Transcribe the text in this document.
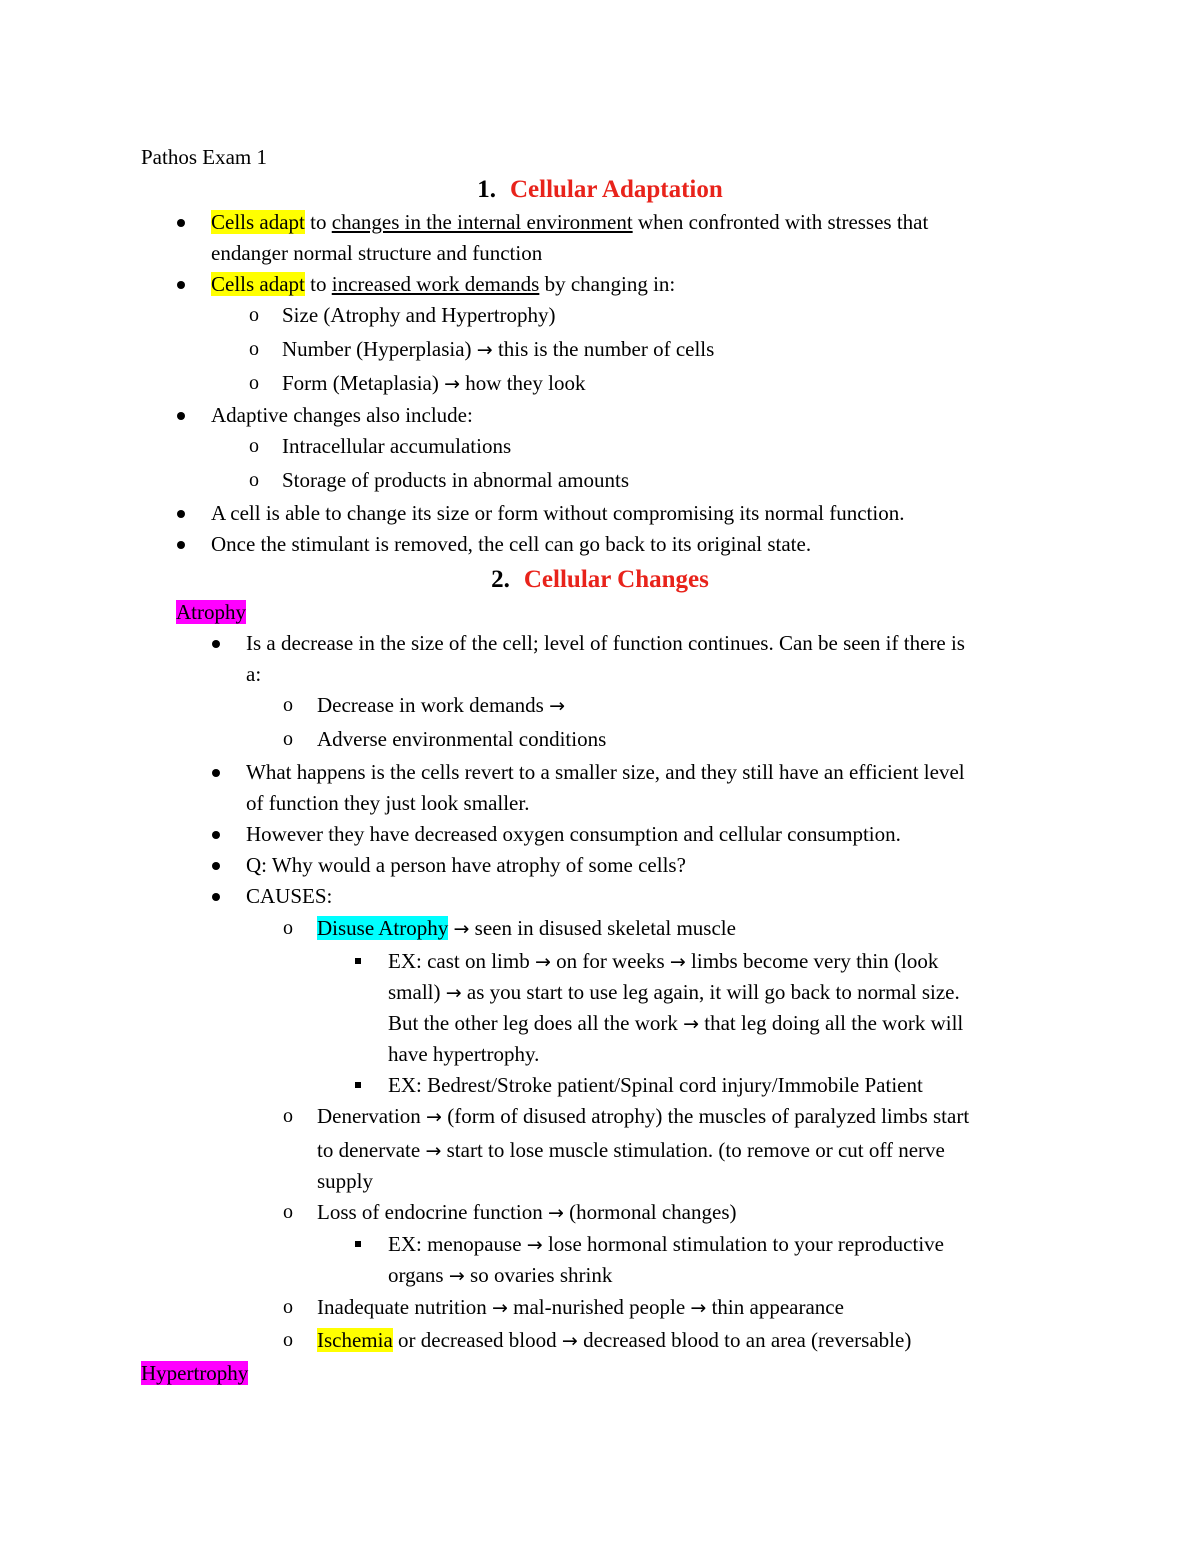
Pathos Exam 1
1. Cellular Adaptation

Cells adapt to changes in the internal environment when confronted with stresses that

endanger normal structure and function

Cells adapt to increased work demands by changing in:

o Size (Atrophy and Hypertrophy)

o Number (Hyperplasia) → this is the number of cells

o Form (Metaplasia) → how they look

Adaptive changes also include:

o Intracellular accumulations

o Storage of products in abnormal amounts

A cell is able to change its size or form without compromising its normal function.

Once the stimulant is removed, the cell can go back to its original state.

2. Cellular Changes

Atrophy

Is a decrease in the size of the cell; level of function continues. Can be seen if there is

a:

o Decrease in work demands →

o Adverse environmental conditions

What happens is the cells revert to a smaller size, and they still have an efficient level

of function they just look smaller.

However they have decreased oxygen consumption and cellular consumption.

Q: Why would a person have atrophy of some cells?

CAUSES:

o Disuse Atrophy → seen in disused skeletal muscle

EX: cast on limb → on for weeks → limbs become very thin (look

small) → as you start to use leg again, it will go back to normal size.

But the other leg does all the work → that leg doing all the work will

have hypertrophy.

EX: Bedrest/Stroke patient/Spinal cord injury/Immobile Patient

o Denervation → (form of disused atrophy) the muscles of paralyzed limbs start

to denervate → start to lose muscle stimulation. (to remove or cut off nerve

supply

o Loss of endocrine function → (hormonal changes)

EX: menopause → lose hormonal stimulation to your reproductive

organs → so ovaries shrink

o Inadequate nutrition → mal-nurished people → thin appearance

o Ischemia or decreased blood → decreased blood to an area (reversable)

Hypertrophy
